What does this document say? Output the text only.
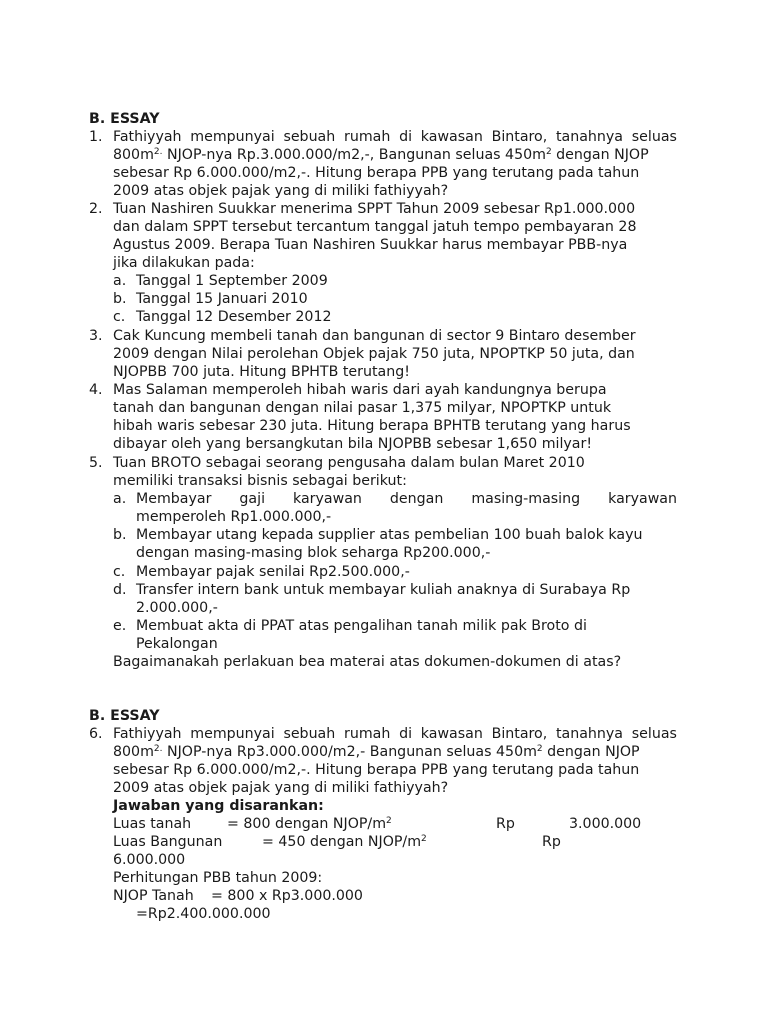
B. ESSAY
1. Fathiyyah mempunyai sebuah rumah di kawasan Bintaro, tanahnya seluas
$800m^{2.}$ NJOP-nya Rp.3.000.000/m2,-, Bangunan seluas $450m^2$ dengan NJOP
sebesar Rp 6.000.000/m2,-. Hitung berapa PPB yang terutang pada tahun
2009 atas objek pajak yang di miliki fathiyyah?
2. Tuan Nashiren Suukkar menerima SPPT Tahun 2009 sebesar Rp1.000.000
dan dalam SPPT tersebut tercantum tanggal jatuh tempo pembayaran 28
Agustus 2009. Berapa Tuan Nashiren Suukkar harus membayar PBB-nya
jika dilakukan pada:
a. Tanggal 1 September 2009
b. Tanggal 15 Januari 2010
c. Tanggal 12 Desember 2012
3. Cak Kuncung membeli tanah dan bangunan di sector 9 Bintaro desember
2009 dengan Nilai perolehan Objek pajak 750 juta, NPOPTKP 50 juta, dan
NJOPBB 700 juta. Hitung BPHTB terutang!
4. Mas Salaman memperoleh hibah waris dari ayah kandungnya berupa
tanah dan bangunan dengan nilai pasar 1,375 milyar, NPOPTKP untuk
hibah waris sebesar 230 juta. Hitung berapa BPHTB terutang yang harus
dibayar oleh yang bersangkutan bila NJOPBB sebesar 1,650 milyar!
5. Tuan BROTO sebagai seorang pengusaha dalam bulan Maret 2010
memiliki transaksi bisnis sebagai berikut:
a. Membayar gaji karyawan dengan masing-masing karyawan
memperoleh Rp1.000.000,-
b. Membayar utang kepada supplier atas pembelian 100 buah balok kayu
dengan masing-masing blok seharga Rp200.000,-
c. Membayar pajak senilai Rp2.500.000,-
d. Transfer intern bank untuk membayar kuliah anaknya di Surabaya Rp
2.000.000,-
e. Membuat akta di PPAT atas pengalihan tanah milik pak Broto di
Pekalongan
Bagaimanakah perlakuan bea materai atas dokumen-dokumen di atas?
B. ESSAY
6. Fathiyyah mempunyai sebuah rumah di kawasan Bintaro, tanahnya seluas
$800m^{2.}$ NJOP-nya Rp3.000.000/m2,- Bangunan seluas $450m^2$ dengan NJOP
sebesar Rp 6.000.000/m2,-. Hitung berapa PPB yang terutang pada tahun
2009 atas objek pajak yang di miliki fathiyyah?
Jawaban yang disarankan:
Luas tanah	= 800 dengan NJOP/$m^2$	Rp	3.000.000
Luas Bangunan	= 450 dengan NJOP/$m^2$	Rp
6.000.000
Perhitungan PBB tahun 2009:
NJOP Tanah = 800 x Rp3.000.000
=Rp2.400.000.000
